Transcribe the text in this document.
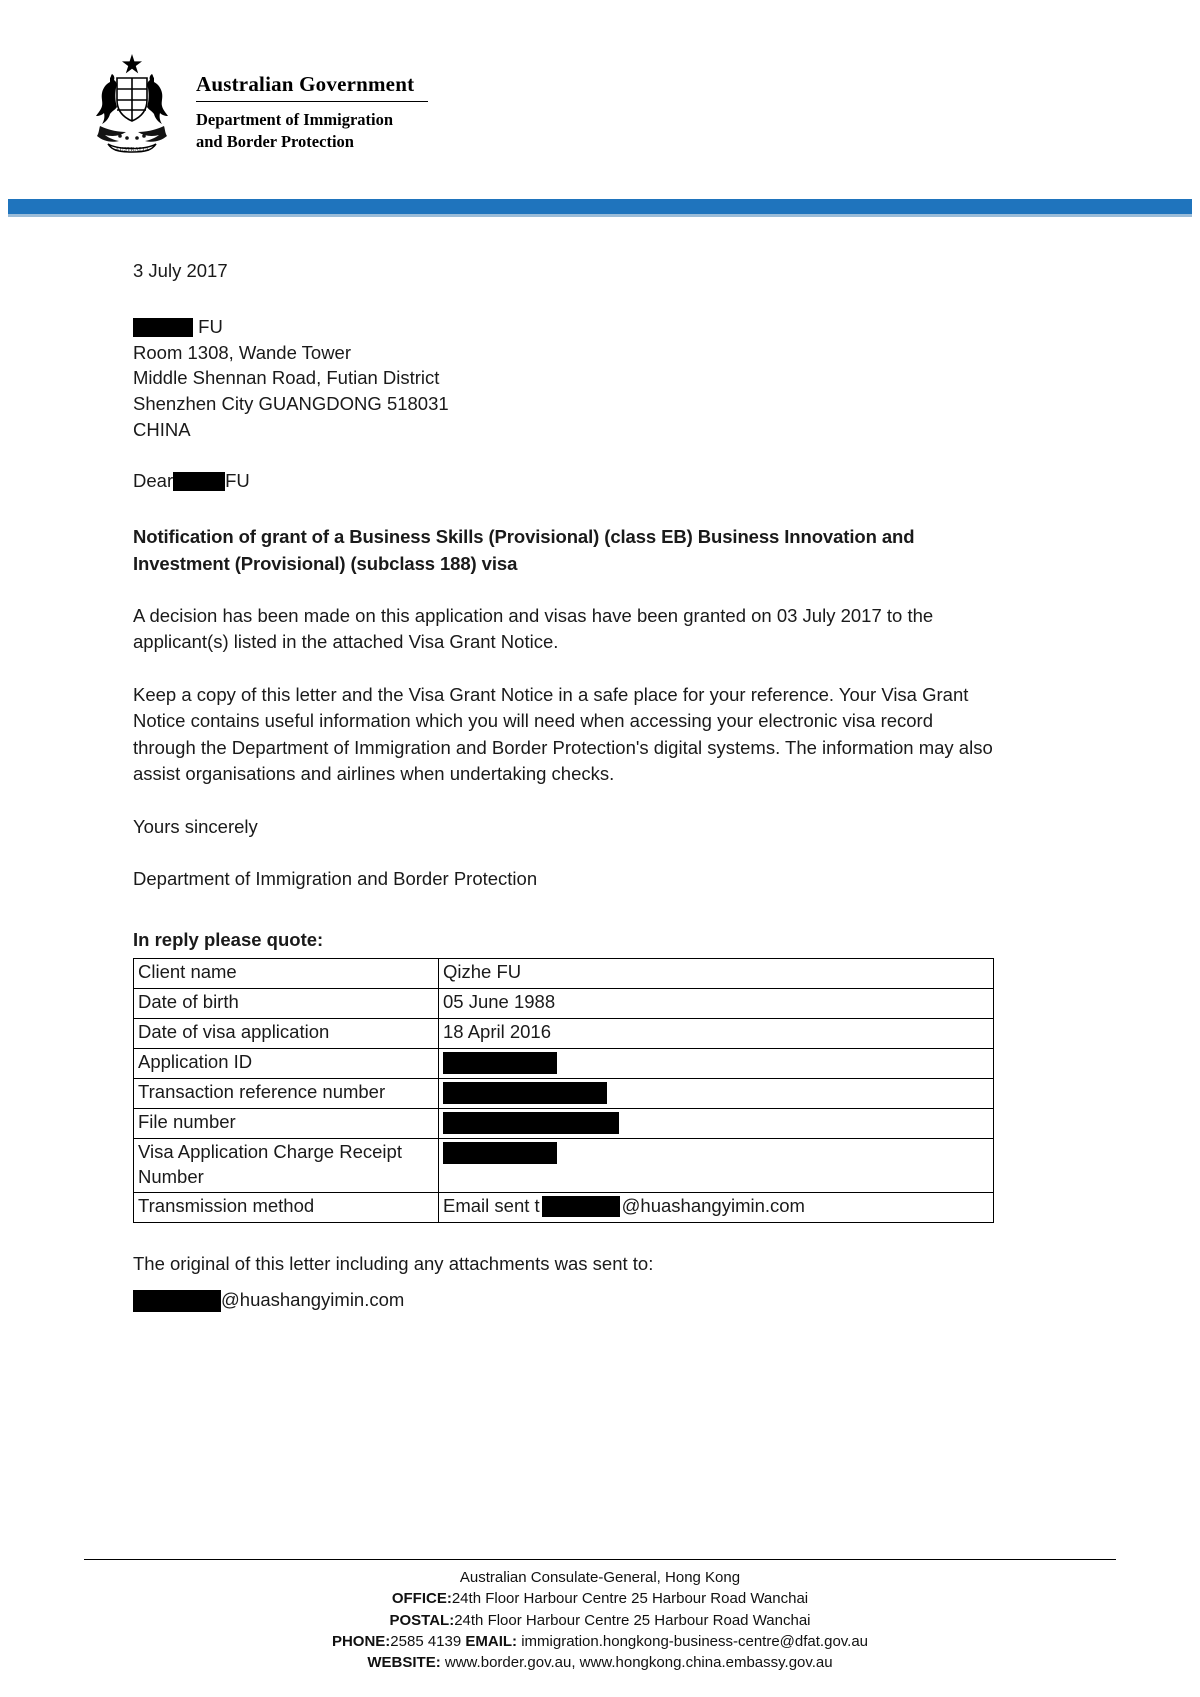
AUSTRALIA
Australian Government
Department of Immigration
and Border Protection
3 July 2017
FU
Room 1308, Wande Tower
Middle Shennan Road, Futian District
Shenzhen City GUANGDONG 518031
CHINA
Dear	FU
Notification of grant of a Business Skills (Provisional) (class EB) Business Innovation and Investment (Provisional) (subclass 188) visa
A decision has been made on this application and visas have been granted on 03 July 2017 to the applicant(s) listed in the attached Visa Grant Notice.
Keep a copy of this letter and the Visa Grant Notice in a safe place for your reference. Your Visa Grant Notice contains useful information which you will need when accessing your electronic visa record through the Department of Immigration and Border Protection's digital systems. The information may also assist organisations and airlines when undertaking checks.
Yours sincerely
Department of Immigration and Border Protection
In reply please quote:
Client name	Qizhe FU
Date of birth	05 June 1988
Date of visa application	18 April 2016
Application ID	
Transaction reference number	
File number	
Visa Application Charge Receipt Number	
Transmission method	Email sent t @huashangyimin.com
The original of this letter including any attachments was sent to:
@huashangyimin.com
Australian Consulate-General, Hong Kong
OFFICE:24th Floor Harbour Centre 25 Harbour Road Wanchai
POSTAL:24th Floor Harbour Centre 25 Harbour Road Wanchai
PHONE:2585 4139 EMAIL: immigration.hongkong-business-centre@dfat.gov.au
WEBSITE: www.border.gov.au, www.hongkong.china.embassy.gov.au
